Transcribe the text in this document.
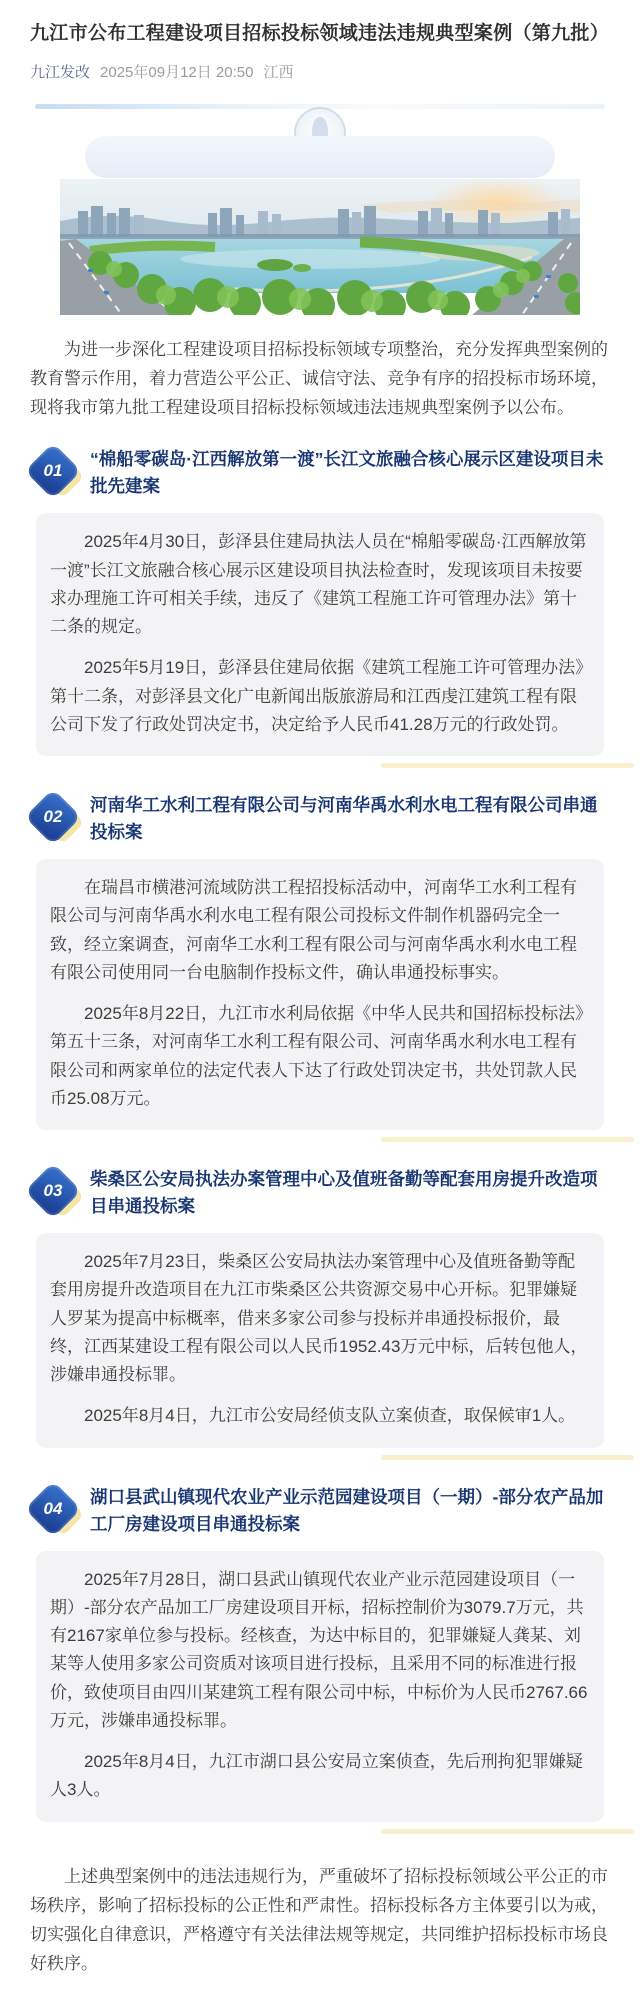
九江市公布工程建设项目招标投标领域违法违规典型案例（第九批）
九江发改 2025年09月12日 20:50 江西

为进一步深化工程建设项目招标投标领域专项整治，充分发挥典型案例的教育警示作用，着力营造公平公正、诚信守法、竞争有序的招投标市场环境，现将我市第九批工程建设项目招标投标领域违法违规典型案例予以公布。

01
“棉船零碳岛·江西解放第一渡”长江文旅融合核心展示区建设项目未批先建案

2025年4月30日，彭泽县住建局执法人员在“棉船零碳岛·江西解放第一渡”长江文旅融合核心展示区建设项目执法检查时，发现该项目未按要求办理施工许可相关手续，违反了《建筑工程施工许可管理办法》第十二条的规定。

2025年5月19日，彭泽县住建局依据《建筑工程施工许可管理办法》第十二条，对彭泽县文化广电新闻出版旅游局和江西虔江建筑工程有限公司下发了行政处罚决定书，决定给予人民币41.28万元的行政处罚。

02
河南华工水利工程有限公司与河南华禹水利水电工程有限公司串通投标案

在瑞昌市横港河流域防洪工程招投标活动中，河南华工水利工程有限公司与河南华禹水利水电工程有限公司投标文件制作机器码完全一致，经立案调查，河南华工水利工程有限公司与河南华禹水利水电工程有限公司使用同一台电脑制作投标文件，确认串通投标事实。

2025年8月22日，九江市水利局依据《中华人民共和国招标投标法》第五十三条，对河南华工水利工程有限公司、河南华禹水利水电工程有限公司和两家单位的法定代表人下达了行政处罚决定书，共处罚款人民币25.08万元。

03
柴桑区公安局执法办案管理中心及值班备勤等配套用房提升改造项目串通投标案

2025年7月23日，柴桑区公安局执法办案管理中心及值班备勤等配套用房提升改造项目在九江市柴桑区公共资源交易中心开标。犯罪嫌疑人罗某为提高中标概率，借来多家公司参与投标并串通投标报价，最终，江西某建设工程有限公司以人民币1952.43万元中标，后转包他人，涉嫌串通投标罪。

2025年8月4日，九江市公安局经侦支队立案侦查，取保候审1人。

04
湖口县武山镇现代农业产业示范园建设项目（一期）-部分农产品加工厂房建设项目串通投标案

2025年7月28日，湖口县武山镇现代农业产业示范园建设项目（一期）-部分农产品加工厂房建设项目开标，招标控制价为3079.7万元，共有2167家单位参与投标。经核查，为达中标目的，犯罪嫌疑人龚某、刘某等人使用多家公司资质对该项目进行投标，且采用不同的标准进行报价，致使项目由四川某建筑工程有限公司中标，中标价为人民币2767.66万元，涉嫌串通投标罪。

2025年8月4日，九江市湖口县公安局立案侦查，先后刑拘犯罪嫌疑人3人。

上述典型案例中的违法违规行为，严重破坏了招标投标领域公平公正的市场秩序，影响了招标投标的公正性和严肃性。招标投标各方主体要引以为戒，切实强化自律意识，严格遵守有关法律法规等规定，共同维护招标投标市场良好秩序。
